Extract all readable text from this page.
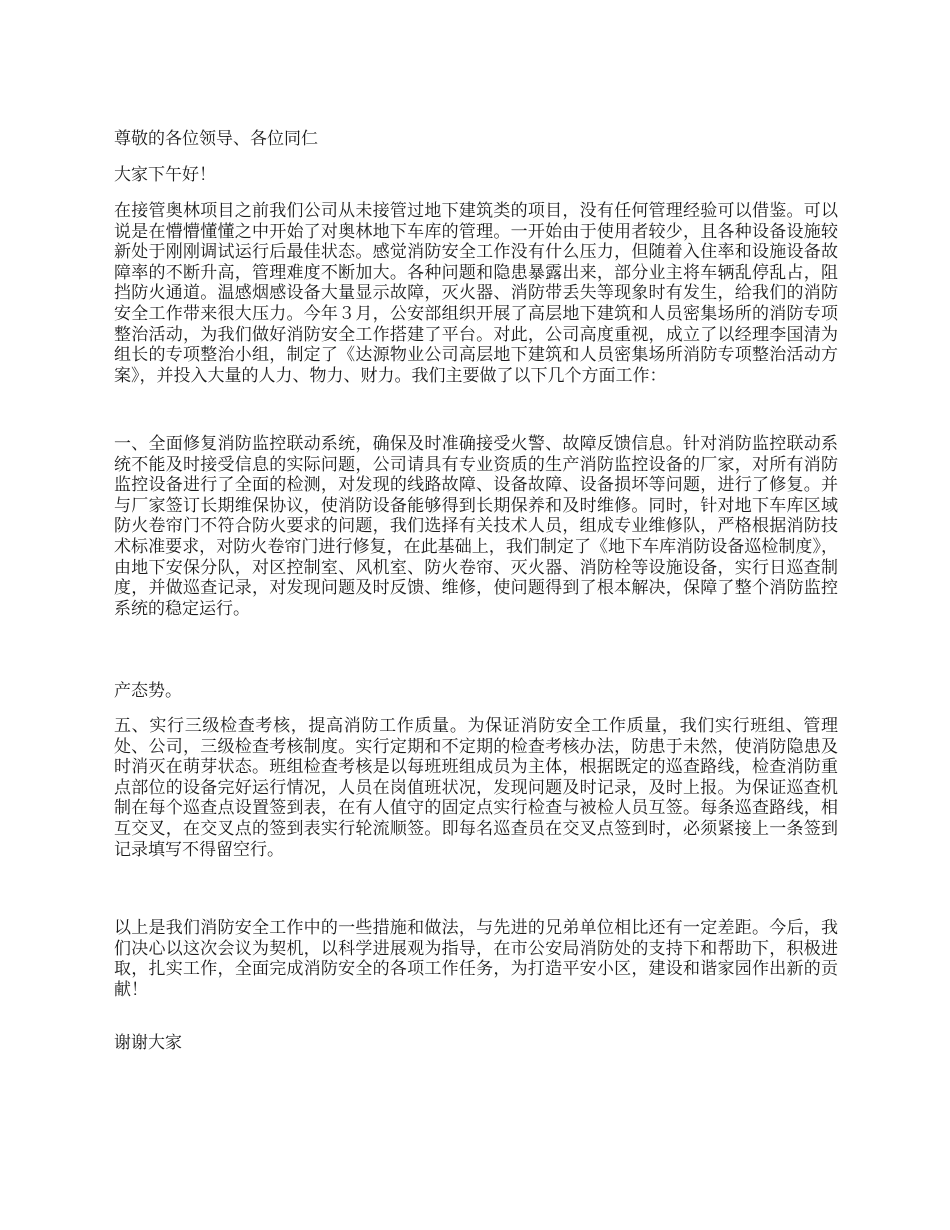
尊敬的各位领导、各位同仁

大家下午好！

在接管奥林项目之前我们公司从未接管过地下建筑类的项目，没有任何管理经验可以借鉴。可以说是在懵懵懂懂之中开始了对奥林地下车库的管理。一开始由于使用者较少，且各种设备设施较新处于刚刚调试运行后最佳状态。感觉消防安全工作没有什么压力，但随着入住率和设施设备故障率的不断升高，管理难度不断加大。各种问题和隐患暴露出来，部分业主将车辆乱停乱占，阻挡防火通道。温感烟感设备大量显示故障，灭火器、消防带丢失等现象时有发生，给我们的消防安全工作带来很大压力。今年３月，公安部组织开展了高层地下建筑和人员密集场所的消防专项整治活动，为我们做好消防安全工作搭建了平台。对此，公司高度重视，成立了以经理李国清为组长的专项整治小组，制定了《达源物业公司高层地下建筑和人员密集场所消防专项整治活动方案》，并投入大量的人力、物力、财力。我们主要做了以下几个方面工作：

一、全面修复消防监控联动系统，确保及时准确接受火警、故障反馈信息。针对消防监控联动系统不能及时接受信息的实际问题，公司请具有专业资质的生产消防监控设备的厂家，对所有消防监控设备进行了全面的检测，对发现的线路故障、设备故障、设备损坏等问题，进行了修复。并与厂家签订长期维保协议，使消防设备能够得到长期保养和及时维修。同时，针对地下车库区域防火卷帘门不符合防火要求的问题，我们选择有关技术人员，组成专业维修队，严格根据消防技术标准要求，对防火卷帘门进行修复，在此基础上，我们制定了《地下车库消防设备巡检制度》，由地下安保分队，对区控制室、风机室、防火卷帘、灭火器、消防栓等设施设备，实行日巡查制度，并做巡查记录，对发现问题及时反馈、维修，使问题得到了根本解决，保障了整个消防监控系统的稳定运行。

产态势。

五、实行三级检查考核，提高消防工作质量。为保证消防安全工作质量，我们实行班组、管理处、公司，三级检查考核制度。实行定期和不定期的检查考核办法，防患于未然，使消防隐患及时消灭在萌芽状态。班组检查考核是以每班班组成员为主体，根据既定的巡查路线，检查消防重点部位的设备完好运行情况，人员在岗值班状况，发现问题及时记录，及时上报。为保证巡查机制在每个巡查点设置签到表，在有人值守的固定点实行检查与被检人员互签。每条巡查路线，相互交叉，在交叉点的签到表实行轮流顺签。即每名巡查员在交叉点签到时，必须紧接上一条签到记录填写不得留空行。

以上是我们消防安全工作中的一些措施和做法，与先进的兄弟单位相比还有一定差距。今后，我们决心以这次会议为契机，以科学进展观为指导，在市公安局消防处的支持下和帮助下，积极进取，扎实工作，全面完成消防安全的各项工作任务，为打造平安小区，建设和谐家园作出新的贡献！

谢谢大家
